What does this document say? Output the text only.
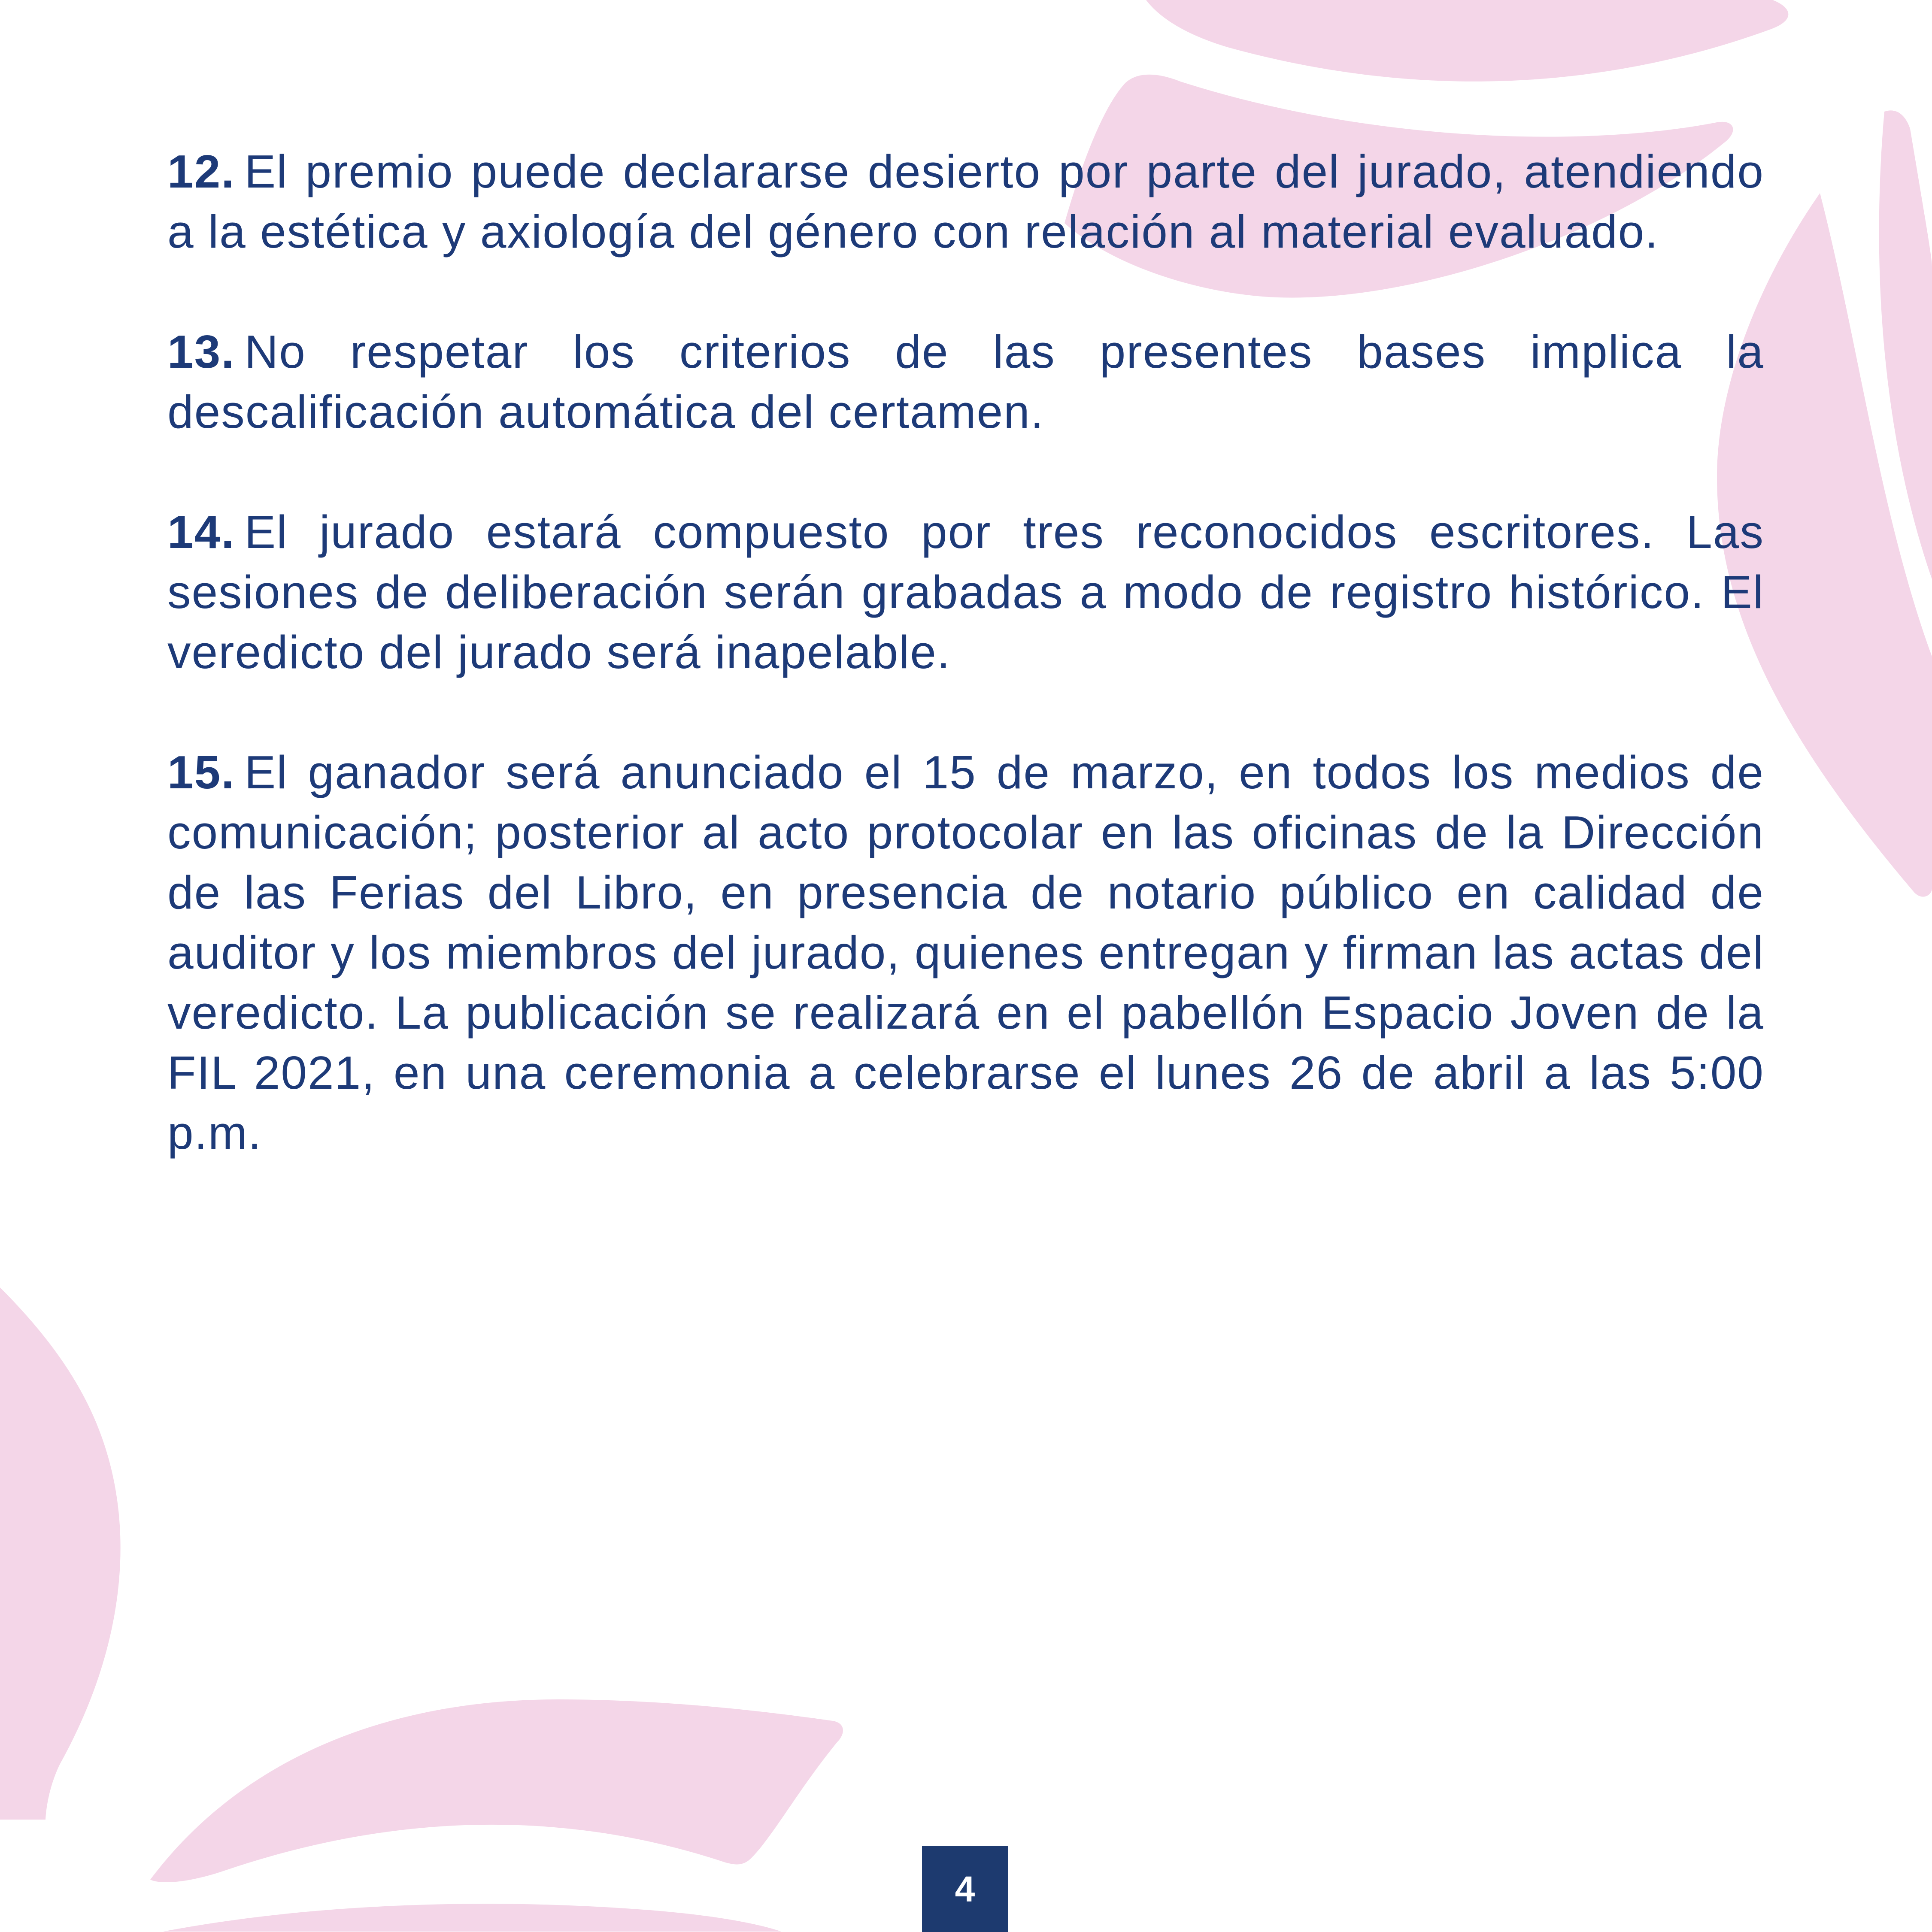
12. El premio puede declararse desierto por parte del jurado, atendiendo a la estética y axiología del género con relación al material evaluado.

13. No respetar los criterios de las presentes bases implica la descalificación automática del certamen.

14. El jurado estará compuesto por tres reconocidos escritores. Las sesiones de deliberación serán grabadas a modo de registro histórico. El veredicto del jurado será inapelable.

15. El ganador será anunciado el 15 de marzo, en todos los medios de comunicación; posterior al acto protocolar en las oficinas de la Dirección de las Ferias del Libro, en presencia de notario público en calidad de auditor y los miembros del jurado, quienes entregan y firman las actas del veredicto. La publicación se realizará en el pabellón Espacio Joven de la FIL 2021, en una ceremonia a celebrarse el lunes 26 de abril a las 5:00 p.m.

4
